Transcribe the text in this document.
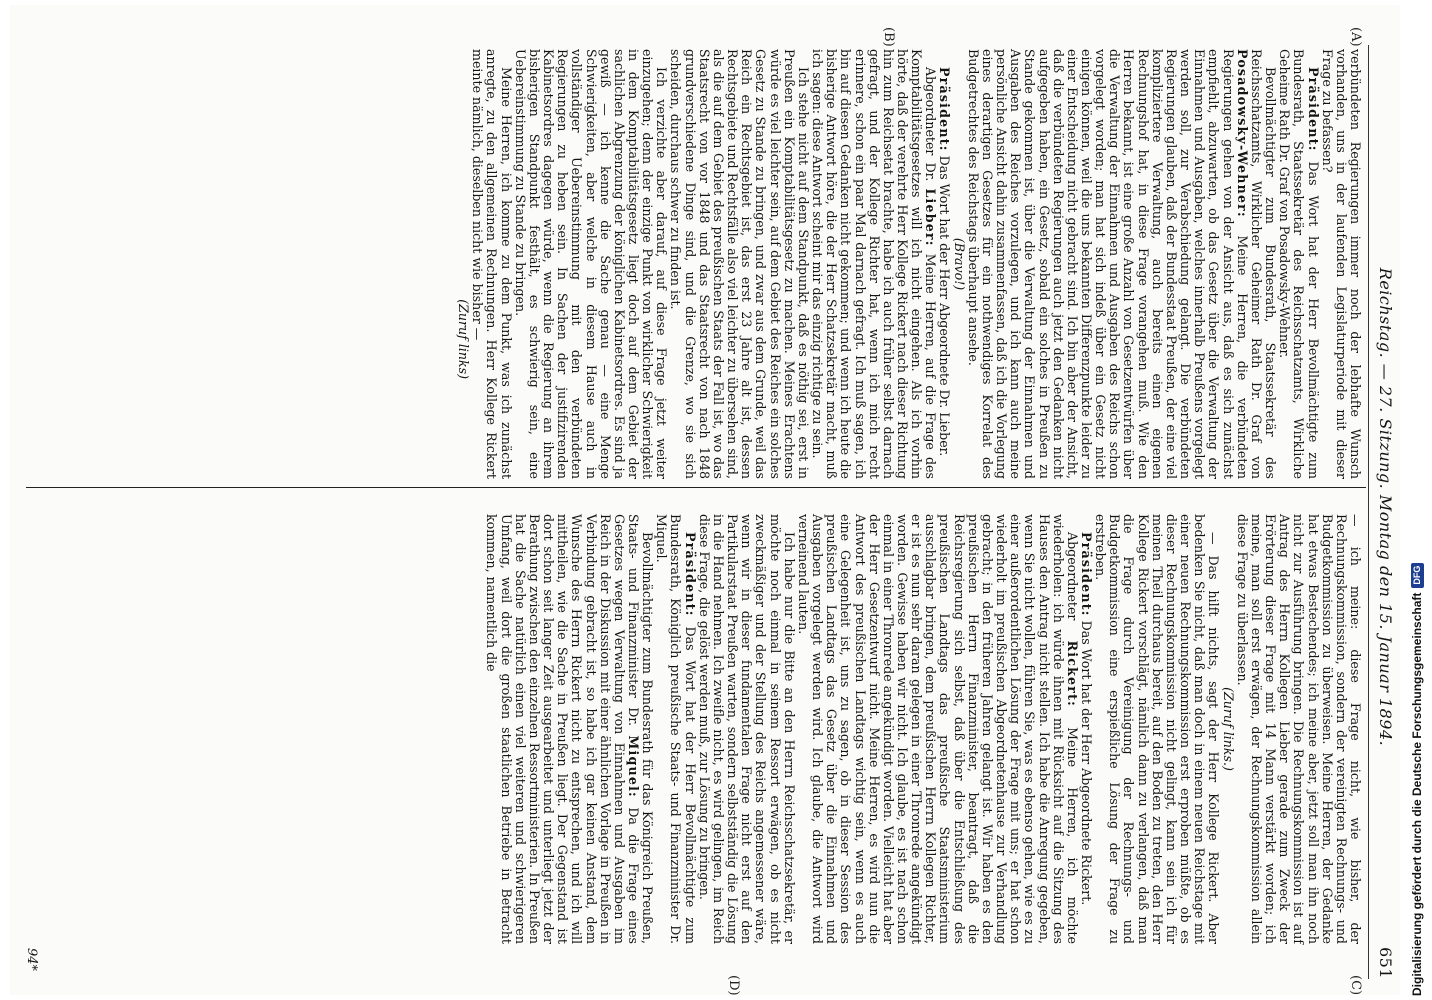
Reichstag. — 27. Sitzung. Montag den 15. Januar 1894.
651
(A)
(B)
(C)
(D)

verbündeten Regierungen immer noch der lebhafte Wunsch vorhanden, uns in der laufenden Legislaturperiode mit dieser Frage zu befassen?

Präsident: Das Wort hat der Herr Bevollmächtigte zum Bundesrath, Staatssekretär des Reichsschatzamts, Wirkliche Geheime Rath Dr. Graf von Posadowsky-Wehner.

Bevollmächtigter zum Bundesrath, Staatssekretär des Reichsschatzamts, Wirklicher Geheimer Rath Dr. Graf von Posadowsky-Wehner: Meine Herren, die verbündeten Regierungen gehen von der Ansicht aus, daß es sich zunächst empfiehlt, abzuwarten, ob das Gesetz über die Verwaltung der Einnahmen und Ausgaben, welches innerhalb Preußens vorgelegt werden soll, zur Verabschiedung gelangt. Die verbündeten Regierungen glauben, daß der Bundesstaat Preußen, der eine viel kompliziertere Verwaltung, auch bereits einen eigenen Rechnungshof hat, in diese Frage vorangehen muß. Wie den Herren bekannt, ist eine große Anzahl von Gesetzentwürfen über die Verwaltung der Einnahmen und Ausgaben des Reichs schon vorgelegt worden; man hat sich indeß über ein Gesetz nicht einigen können, weil die uns bekannten Differenzpunkte leider zu einer Entscheidung nicht gebracht sind. Ich bin aber der Ansicht, daß die verbündeten Regierungen auch jetzt den Gedanken nicht aufgegeben haben, ein Gesetz, sobald ein solches in Preußen zu Stande gekommen ist, über die Verwaltung der Einnahmen und Ausgaben des Reiches vorzulegen, und ich kann auch meine persönliche Ansicht dahin zusammenfassen, daß ich die Vorlegung eines derartigen Gesetzes für ein nothwendiges Korrelat des Budgetrechtes des Reichstags überhaupt ansehe.

(Bravo!)

Präsident: Das Wort hat der Herr Abgeordnete Dr. Lieber.

Abgeordneter Dr. Lieber: Meine Herren, auf die Frage des Komptabilitätsgesetzes will ich nicht eingehen. Als ich vorhin hörte, daß der verehrte Herr Kollege Rickert nach dieser Richtung hin zum Reichsetat brachte, habe ich auch früher selbst darnach gefragt, und der Kollege Richter hat, wenn ich mich recht erinnere, schon ein paar Mal darnach gefragt. Ich muß sagen, ich bin auf diesen Gedanken nicht gekommen; und wenn ich heute die bisherige Antwort höre, die der Herr Schatzsekretär macht, muß ich sagen: diese Antwort scheint mir das einzig richtige zu sein.

Ich stehe nicht auf dem Standpunkt, daß es nöthig sei, erst in Preußen ein Komptabilitätsgesetz zu machen. Meines Erachtens würde es viel leichter sein, auf dem Gebiet des Reiches ein solches Gesetz zu Stande zu bringen, und zwar aus dem Grunde, weil das Reich ein Rechtsgebiet ist, das erst 23 Jahre alt ist, dessen Rechtsgebiete und Rechtsfälle also viel leichter zu übersehen sind, als die auf dem Gebiet des preußischen Staats der Fall ist, wo das Staatsrecht von vor 1848 und das Staatsrecht von nach 1848 grundverschiedene Dinge sind, und die Grenze, wo sie sich scheiden, durchaus schwer zu finden ist.

Ich verzichte aber darauf, auf diese Frage jetzt weiter einzugehen; denn der einzige Punkt von wirklicher Schwierigkeit in dem Komptabilitätsgesetz liegt doch auf dem Gebiet der sachlichen Abgrenzung der königlichen Kabinetsordres. Es sind ja gewiß — ich kenne die Sache genau — eine Menge Schwierigkeiten, aber welche in diesem Hause auch in vollständiger Uebereinstimmung mit den verbündeten Regierungen zu heben sein. In Sachen der justifizirenden Kabinetsordres dagegen würde, wenn die Regierung an ihrem bisherigen Standpunkt festhält, es schwierig sein, eine Uebereinstimmung zu Stande zu bringen.

Meine Herren, ich komme zu dem Punkt, was ich zunächst anregte, zu den allgemeinen Rechnungen. Herr Kollege Rickert meinte nämlich, dieselben nicht wie bisher —

(Zuruf links)

— ich meine: diese Frage nicht, wie bisher, der Rechnungskommission, sondern der vereinigten Rechnungs- und Budgetkommission zu überweisen. Meine Herren, der Gedanke hat etwas Bestechendes; ich meine aber, jetzt soll man ihn noch nicht zur Ausführung bringen. Die Rechnungskommission ist auf Antrag des Herrn Kollegen Lieber gerade zum Zweck der Erörterung dieser Frage mit 14 Mann verstärkt worden; ich meine, man soll erst erwägen, der Rechnungskommission allein diese Frage zu überlassen.

(Zuruf links.)

— Das hilft nichts, sagt der Herr Kollege Rickert. Aber bedenken Sie nicht, daß man doch in einem neuen Reichstage mit einer neuen Rechnungskommission erst erproben müßte, ob es dieser Rechnungskommission nicht gelingt, kann sein ich für meinen Theil durchaus bereit, auf den Boden zu treten, den Herr Kollege Rickert vorschlägt, nämlich dann zu verlangen, daß man die Frage durch Vereinigung der Rechnungs- und Budgetkommission eine erspießliche Lösung der Frage zu erstreben.

Präsident: Das Wort hat der Herr Abgeordnete Rickert.

Abgeordneter Rickert: Meine Herren, ich möchte wiederholen: ich würde ihnen mit Rücksicht auf die Sitzung des Hauses den Antrag nicht stellen. Ich habe die Anregung gegeben, wenn Sie nicht wollen, führen Sie, was es ebenso gehen, wie es zu einer außerordentlichen Lösung der Frage mit uns; er hat schon wiederholt im preußischen Abgeordnetenhause zur Verhandlung gebracht; in den früheren Jahren gelangt ist. Wir haben es den preußischen Herrn Finanzminister, beantragt, daß die Reichsregierung sich selbst, daß über die Entschließung des preußischen Landtags das preußische Staatsministerium ausschlagbar bringen, dem preußischen Herrn Kollegen Richter, er ist es nun sehr daran gelegen in einer Thronrede angekündigt worden. Gewisse haben wir nicht. Ich glaube, es ist nach schon einmal in einer Thronrede angekündigt worden. Vielleicht hat aber der Herr Gesetzentwurf nicht. Meine Herren, es wird nun die Antwort des preußischen Landtags wichtig sein, wenn es auch eine Gelegenheit ist, uns zu sagen, ob in dieser Session des preußischen Landtags das Gesetz über die Einnahmen und Ausgaben vorgelegt werden wird. Ich glaube, die Antwort wird verneinend lauten.

Ich habe nur die Bitte an den Herrn Reichsschatzsekretär, er möchte noch einmal in seinem Ressort erwägen, ob es nicht zweckmäßiger und der Stellung des Reichs angemessener wäre, wenn wir in dieser fundamentalen Frage nicht erst auf den Partikularstaat Preußen warten, sondern selbstständig die Lösung in die Hand nehmen. Ich zweifle nicht, es wird gelingen, im Reich diese Frage, die gelöst werden muß, zur Lösung zu bringen.

Präsident: Das Wort hat der Herr Bevollmächtigte zum Bundesrath, Königlich preußische Staats- und Finanzminister Dr. Miquel.

Bevollmächtigter zum Bundesrath für das Königreich Preußen, Staats- und Finanzminister Dr. Miquel: Da die Frage eines Gesetzes wegen Verwaltung von Einnahmen und Ausgaben im Reich in der Diskussion mit einer ähnlichen Vorlage in Preußen in Verbindung gebracht ist, so habe ich gar keinen Anstand, dem Wunsche des Herrn Rickert nicht zu entsprechen, und ich will mittheilen, wie die Sache in Preußen liegt. Der Gegenstand ist dort schon seit langer Zeit ausgearbeitet und unterliegt jetzt der Berathung zwischen den einzelnen Ressortministerien. In Preußen hat die Sache natürlich einen viel weiteren und schwierigeren Umfang, weil dort die großen staatlichen Betriebe in Betracht kommen, namentlich die

94*	Digitalisierung gefördert durch die Deutsche Forschungsgemeinschaft
DFG
